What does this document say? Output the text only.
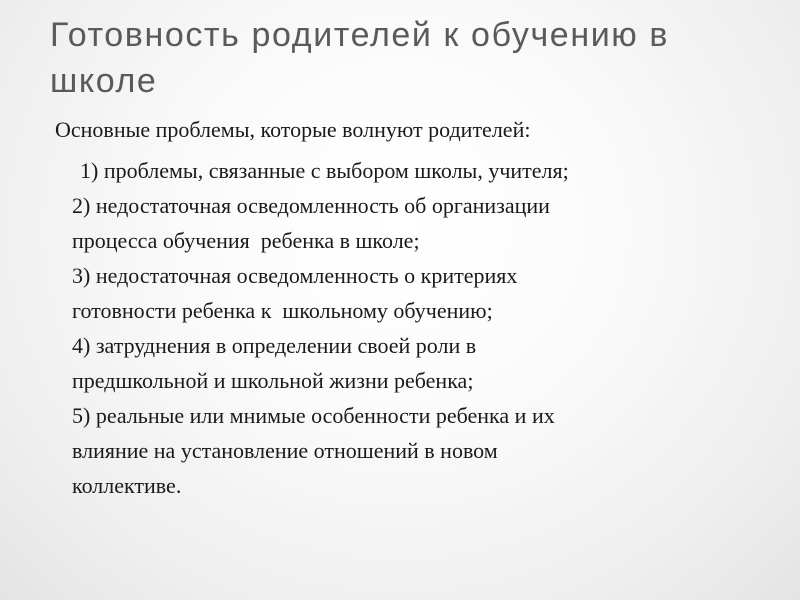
Готовность родителей к обучению в
школе

Основные проблемы, которые волнуют родителей:

1) проблемы, связанные с выбором школы, учителя;
2) недостаточная осведомленность об организации
процесса обучения  ребенка в школе;
3) недостаточная осведомленность о критериях
готовности ребенка к  школьному обучению;
4) затруднения в определении своей роли в
предшкольной и школьной жизни ребенка;
5) реальные или мнимые особенности ребенка и их
влияние на установление отношений в новом
коллективе.
